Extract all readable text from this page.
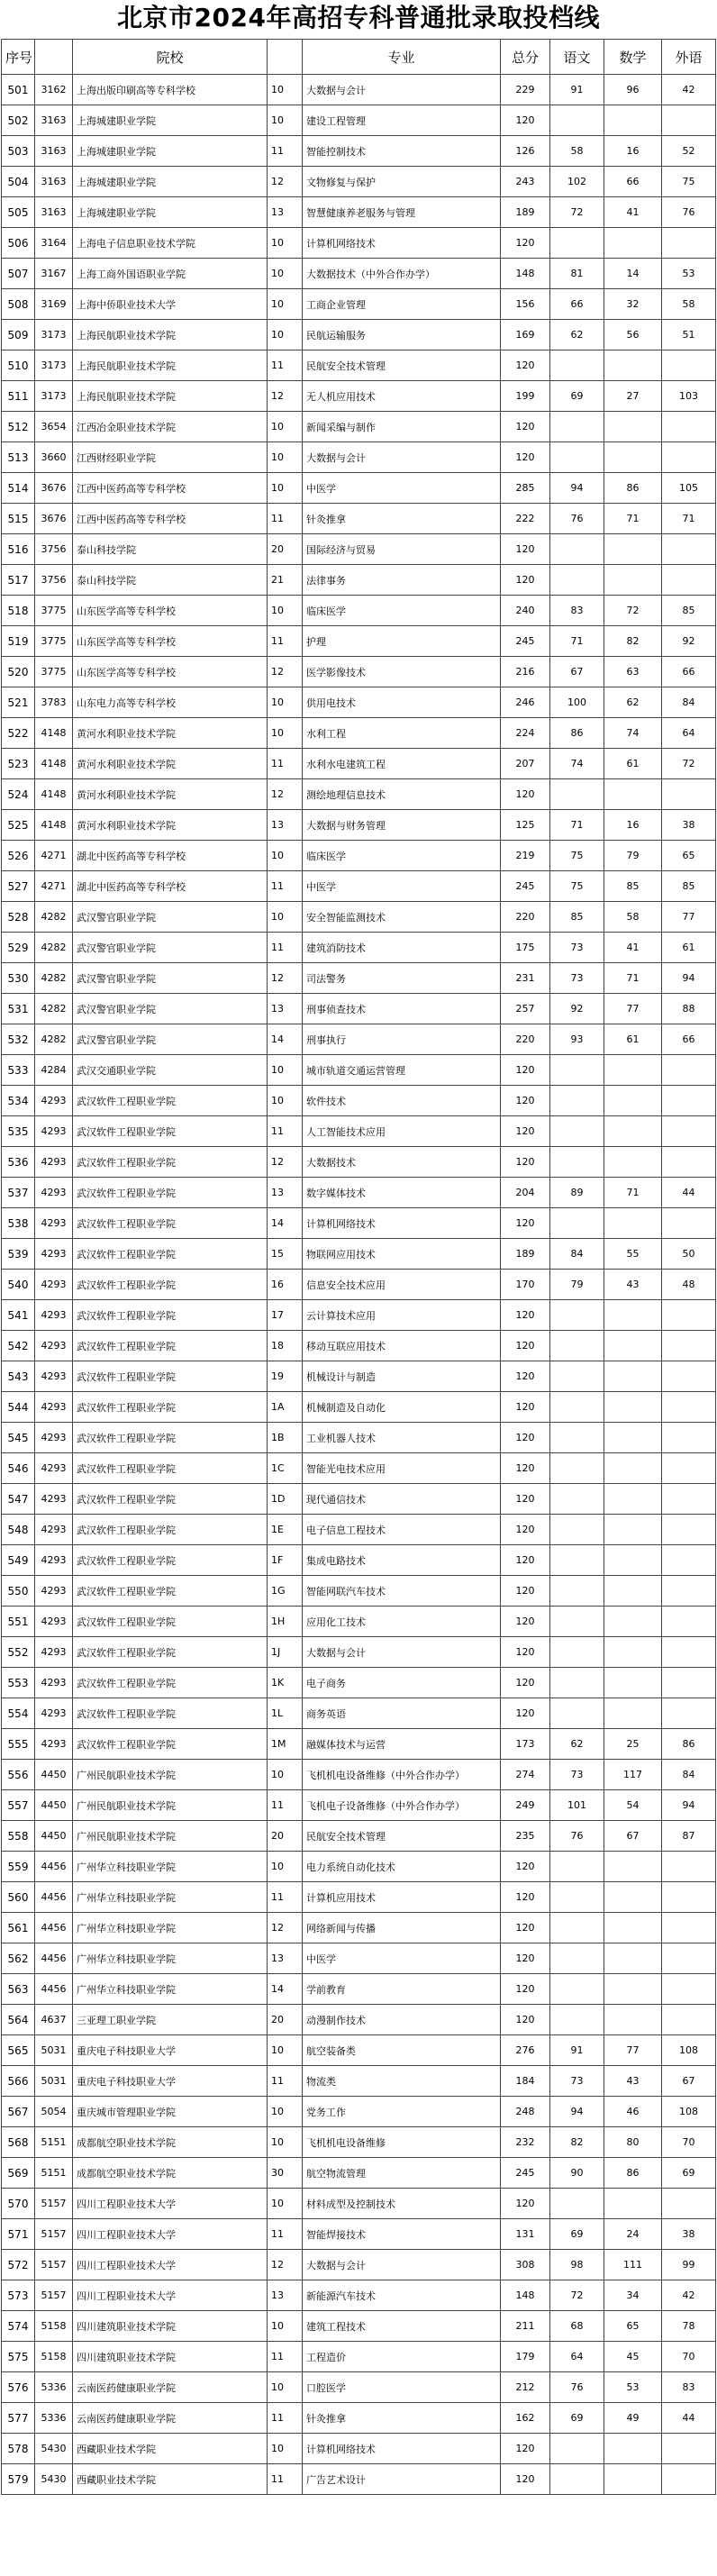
北京市2024年高招专科普通批录取投档线
序号		院校		专业	总分	语文	数学	外语
501	3162	上海出版印刷高等专科学校	10	大数据与会计	229	91	96	42
502	3163	上海城建职业学院	10	建设工程管理	120			
503	3163	上海城建职业学院	11	智能控制技术	126	58	16	52
504	3163	上海城建职业学院	12	文物修复与保护	243	102	66	75
505	3163	上海城建职业学院	13	智慧健康养老服务与管理	189	72	41	76
506	3164	上海电子信息职业技术学院	10	计算机网络技术	120			
507	3167	上海工商外国语职业学院	10	大数据技术（中外合作办学）	148	81	14	53
508	3169	上海中侨职业技术大学	10	工商企业管理	156	66	32	58
509	3173	上海民航职业技术学院	10	民航运输服务	169	62	56	51
510	3173	上海民航职业技术学院	11	民航安全技术管理	120			
511	3173	上海民航职业技术学院	12	无人机应用技术	199	69	27	103
512	3654	江西冶金职业技术学院	10	新闻采编与制作	120			
513	3660	江西财经职业学院	10	大数据与会计	120			
514	3676	江西中医药高等专科学校	10	中医学	285	94	86	105
515	3676	江西中医药高等专科学校	11	针灸推拿	222	76	71	71
516	3756	泰山科技学院	20	国际经济与贸易	120			
517	3756	泰山科技学院	21	法律事务	120			
518	3775	山东医学高等专科学校	10	临床医学	240	83	72	85
519	3775	山东医学高等专科学校	11	护理	245	71	82	92
520	3775	山东医学高等专科学校	12	医学影像技术	216	67	63	66
521	3783	山东电力高等专科学校	10	供用电技术	246	100	62	84
522	4148	黄河水利职业技术学院	10	水利工程	224	86	74	64
523	4148	黄河水利职业技术学院	11	水利水电建筑工程	207	74	61	72
524	4148	黄河水利职业技术学院	12	测绘地理信息技术	120			
525	4148	黄河水利职业技术学院	13	大数据与财务管理	125	71	16	38
526	4271	湖北中医药高等专科学校	10	临床医学	219	75	79	65
527	4271	湖北中医药高等专科学校	11	中医学	245	75	85	85
528	4282	武汉警官职业学院	10	安全智能监测技术	220	85	58	77
529	4282	武汉警官职业学院	11	建筑消防技术	175	73	41	61
530	4282	武汉警官职业学院	12	司法警务	231	73	71	94
531	4282	武汉警官职业学院	13	刑事侦查技术	257	92	77	88
532	4282	武汉警官职业学院	14	刑事执行	220	93	61	66
533	4284	武汉交通职业学院	10	城市轨道交通运营管理	120			
534	4293	武汉软件工程职业学院	10	软件技术	120			
535	4293	武汉软件工程职业学院	11	人工智能技术应用	120			
536	4293	武汉软件工程职业学院	12	大数据技术	120			
537	4293	武汉软件工程职业学院	13	数字媒体技术	204	89	71	44
538	4293	武汉软件工程职业学院	14	计算机网络技术	120			
539	4293	武汉软件工程职业学院	15	物联网应用技术	189	84	55	50
540	4293	武汉软件工程职业学院	16	信息安全技术应用	170	79	43	48
541	4293	武汉软件工程职业学院	17	云计算技术应用	120			
542	4293	武汉软件工程职业学院	18	移动互联应用技术	120			
543	4293	武汉软件工程职业学院	19	机械设计与制造	120			
544	4293	武汉软件工程职业学院	1A	机械制造及自动化	120			
545	4293	武汉软件工程职业学院	1B	工业机器人技术	120			
546	4293	武汉软件工程职业学院	1C	智能光电技术应用	120			
547	4293	武汉软件工程职业学院	1D	现代通信技术	120			
548	4293	武汉软件工程职业学院	1E	电子信息工程技术	120			
549	4293	武汉软件工程职业学院	1F	集成电路技术	120			
550	4293	武汉软件工程职业学院	1G	智能网联汽车技术	120			
551	4293	武汉软件工程职业学院	1H	应用化工技术	120			
552	4293	武汉软件工程职业学院	1J	大数据与会计	120			
553	4293	武汉软件工程职业学院	1K	电子商务	120			
554	4293	武汉软件工程职业学院	1L	商务英语	120			
555	4293	武汉软件工程职业学院	1M	融媒体技术与运营	173	62	25	86
556	4450	广州民航职业技术学院	10	飞机机电设备维修（中外合作办学）	274	73	117	84
557	4450	广州民航职业技术学院	11	飞机电子设备维修（中外合作办学）	249	101	54	94
558	4450	广州民航职业技术学院	20	民航安全技术管理	235	76	67	87
559	4456	广州华立科技职业学院	10	电力系统自动化技术	120			
560	4456	广州华立科技职业学院	11	计算机应用技术	120			
561	4456	广州华立科技职业学院	12	网络新闻与传播	120			
562	4456	广州华立科技职业学院	13	中医学	120			
563	4456	广州华立科技职业学院	14	学前教育	120			
564	4637	三亚理工职业学院	20	动漫制作技术	120			
565	5031	重庆电子科技职业大学	10	航空装备类	276	91	77	108
566	5031	重庆电子科技职业大学	11	物流类	184	73	43	67
567	5054	重庆城市管理职业学院	10	党务工作	248	94	46	108
568	5151	成都航空职业技术学院	10	飞机机电设备维修	232	82	80	70
569	5151	成都航空职业技术学院	30	航空物流管理	245	90	86	69
570	5157	四川工程职业技术大学	10	材料成型及控制技术	120			
571	5157	四川工程职业技术大学	11	智能焊接技术	131	69	24	38
572	5157	四川工程职业技术大学	12	大数据与会计	308	98	111	99
573	5157	四川工程职业技术大学	13	新能源汽车技术	148	72	34	42
574	5158	四川建筑职业技术学院	10	建筑工程技术	211	68	65	78
575	5158	四川建筑职业技术学院	11	工程造价	179	64	45	70
576	5336	云南医药健康职业学院	10	口腔医学	212	76	53	83
577	5336	云南医药健康职业学院	11	针灸推拿	162	69	49	44
578	5430	西藏职业技术学院	10	计算机网络技术	120			
579	5430	西藏职业技术学院	11	广告艺术设计	120			
